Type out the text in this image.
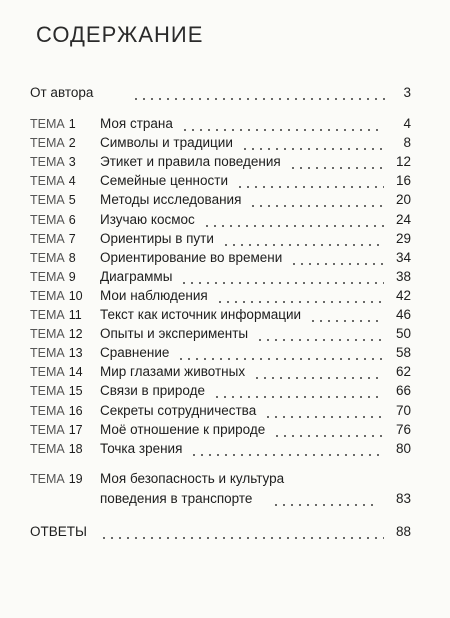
СОДЕРЖАНИЕ
От автора	3
ТЕМА 1 Моя страна	4
ТЕМА 2 Символы и традиции	8
ТЕМА 3 Этикет и правила поведения	12
ТЕМА 4 Семейные ценности	16
ТЕМА 5 Методы исследования	20
ТЕМА 6 Изучаю космос	24
ТЕМА 7 Ориентиры в пути	29
ТЕМА 8 Ориентирование во времени	34
ТЕМА 9 Диаграммы	38
ТЕМА 10 Мои наблюдения	42
ТЕМА 11 Текст как источник информации	46
ТЕМА 12 Опыты и эксперименты	50
ТЕМА 13 Сравнение	58
ТЕМА 14 Мир глазами животных	62
ТЕМА 15 Связи в природе	66
ТЕМА 16 Секреты сотрудничества	70
ТЕМА 17 Моё отношение к природе	76
ТЕМА 18 Точка зрения	80
ТЕМА 19 Моя безопасность и культура
поведения в транспорте	83
ОТВЕТЫ	88
